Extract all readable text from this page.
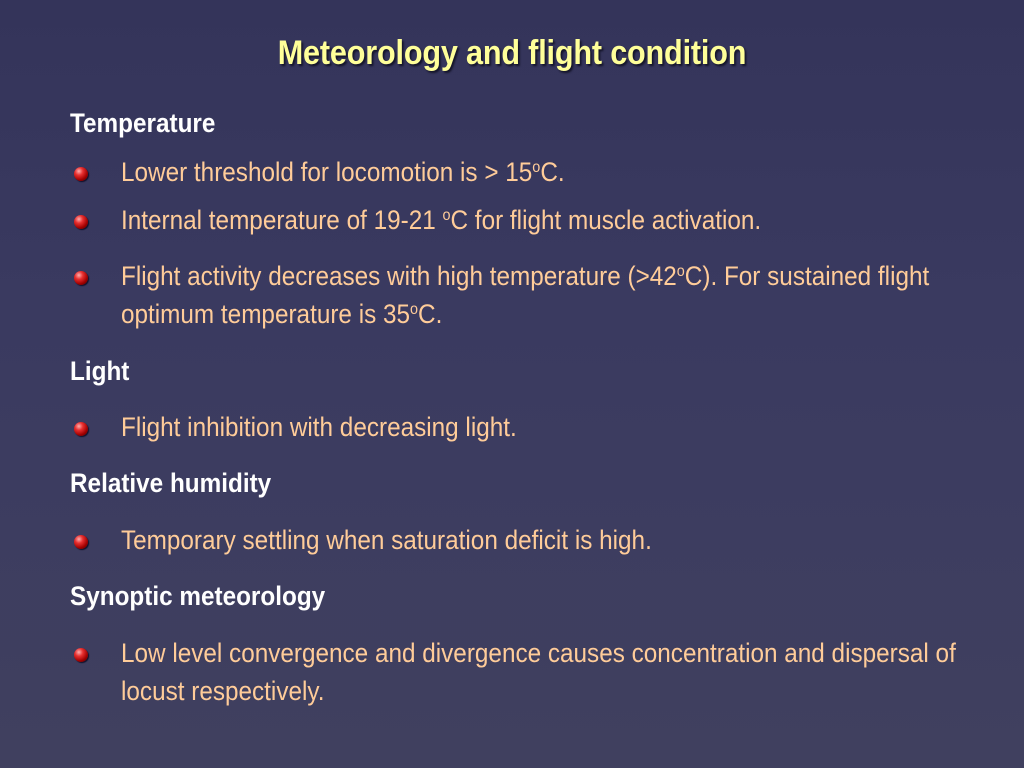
Meteorology and flight condition
Temperature
Lower threshold for locomotion is > $15^oC$.
Internal temperature of 19-21 $^o$C for flight muscle activation.
Flight activity decreases with high temperature $(>42^oC)$. For sustained flight optimum temperature is 35$^o$C.
Light
Flight inhibition with decreasing light.
Relative humidity
Temporary settling when saturation deficit is high.
Synoptic meteorology
Low level convergence and divergence causes concentration and dispersal of locust respectively.
